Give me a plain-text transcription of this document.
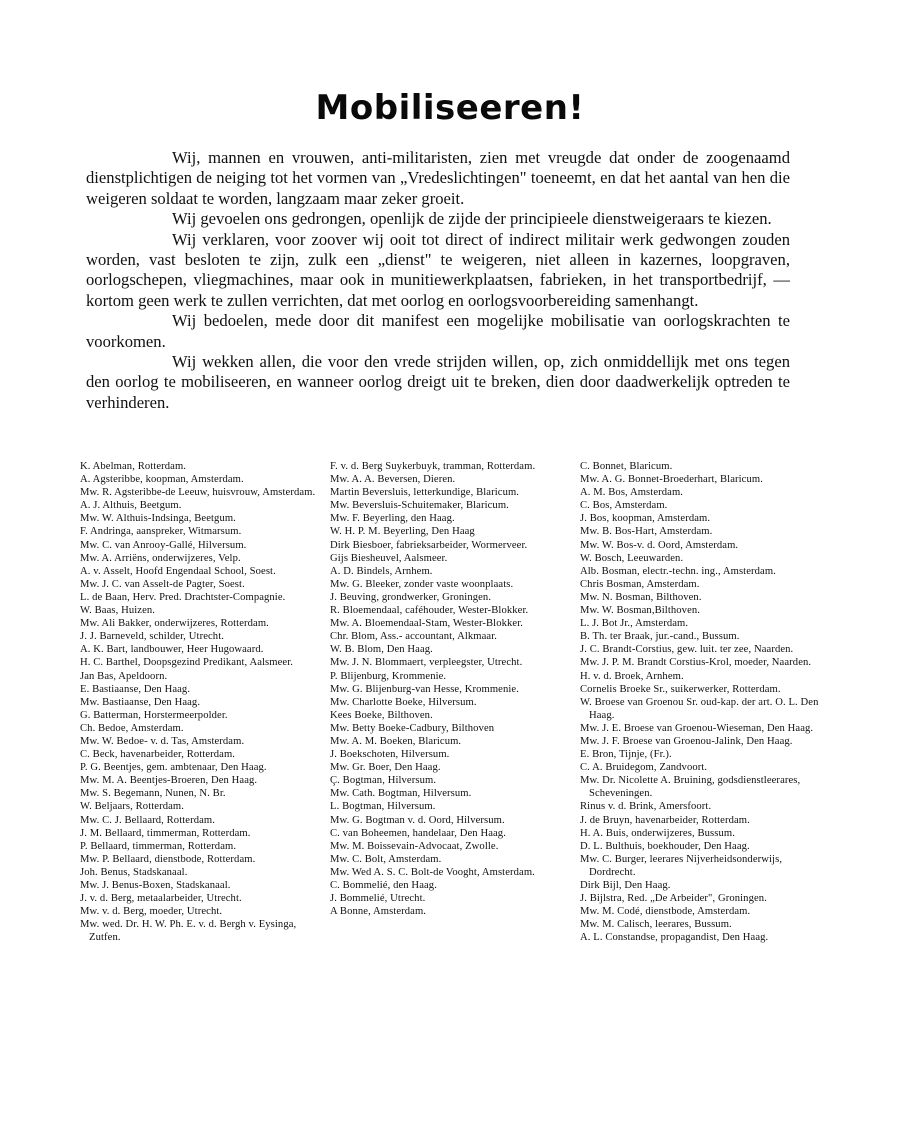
Mobiliseeren!

Wij, mannen en vrouwen, anti-militaristen, zien met vreugde dat onder de zoogenaamd dienstplichtigen de neiging tot het vormen van „Vredeslichtingen" toeneemt, en dat het aantal van hen die weigeren soldaat te worden, langzaam maar zeker groeit.

Wij gevoelen ons gedrongen, openlijk de zijde der principieele dienstweigeraars te kiezen.

Wij verklaren, voor zoover wij ooit tot direct of indirect militair werk gedwongen zouden worden, vast besloten te zijn, zulk een „dienst" te weigeren, niet alleen in kazernes, loopgraven, oorlogschepen, vliegmachines, maar ook in munitiewerkplaatsen, fabrieken, in het transportbedrijf, — kortom geen werk te zullen verrichten, dat met oorlog en oorlogsvoorbereiding samenhangt.

Wij bedoelen, mede door dit manifest een mogelijke mobilisatie van oorlogskrachten te voorkomen.

Wij wekken allen, die voor den vrede strijden willen, op, zich onmiddellijk met ons tegen den oorlog te mobiliseeren, en wanneer oorlog dreigt uit te breken, dien door daadwerkelijk optreden te verhinderen.

K. Abelman, Rotterdam.
A. Agsteribbe, koopman, Amsterdam.
Mw. R. Agsteribbe-de Leeuw, huisvrouw, Amsterdam.
A. J. Althuis, Beetgum.
Mw. W. Althuis-Indsinga, Beetgum.
F. Andringa, aanspreker, Witmarsum.
Mw. C. van Anrooy-Gallé, Hilversum.
Mw. A. Arriëns, onderwijzeres, Velp.
A. v. Asselt, Hoofd Engendaal School, Soest.
Mw. J. C. van Asselt-de Pagter, Soest.
L. de Baan, Herv. Pred. Drachtster-Compagnie.
W. Baas, Huizen.
Mw. Ali Bakker, onderwijzeres, Rotterdam.
J. J. Barneveld, schilder, Utrecht.
A. K. Bart, landbouwer, Heer Hugowaard.
H. C. Barthel, Doopsgezind Predikant, Aalsmeer.
Jan Bas, Apeldoorn.
E. Bastiaanse, Den Haag.
Mw. Bastiaanse, Den Haag.
G. Batterman, Horstermeerpolder.
Ch. Bedoe, Amsterdam.
Mw. W. Bedoe- v. d. Tas, Amsterdam.
C. Beck, havenarbeider, Rotterdam.
P. G. Beentjes, gem. ambtenaar, Den Haag.
Mw. M. A. Beentjes-Broeren, Den Haag.
Mw. S. Begemann, Nunen, N. Br.
W. Beljaars, Rotterdam.
Mw. C. J. Bellaard, Rotterdam.
J. M. Bellaard, timmerman, Rotterdam.
P. Bellaard, timmerman, Rotterdam.
Mw. P. Bellaard, dienstbode, Rotterdam.
Joh. Benus, Stadskanaal.
Mw. J. Benus-Boxen, Stadskanaal.
J. v. d. Berg, metaalarbeider, Utrecht.
Mw. v. d. Berg, moeder, Utrecht.
Mw. wed. Dr. H. W. Ph. E. v. d. Bergh v. Eysinga, Zutfen.
F. v. d. Berg Suykerbuyk, tramman, Rotterdam.
Mw. A. A. Beversen, Dieren.
Martin Beversluis, letterkundige, Blaricum.
Mw. Beversluis-Schuitemaker, Blaricum.
Mw. F. Beyerling, den Haag.
W. H. P. M. Beyerling, Den Haag
Dirk Biesboer, fabrieksarbeider, Wormerveer.
Gijs Biesheuvel, Aalsmeer.
A. D. Bindels, Arnhem.
Mw. G. Bleeker, zonder vaste woonplaats.
J. Beuving, grondwerker, Groningen.
R. Bloemendaal, caféhouder, Wester-Blokker.
Mw. A. Bloemendaal-Stam, Wester-Blokker.
Chr. Blom, Ass.- accountant, Alkmaar.
W. B. Blom, Den Haag.
Mw. J. N. Blommaert, verpleegster, Utrecht.
P. Blijenburg, Krommenie.
Mw. G. Blijenburg-van Hesse, Krommenie.
Mw. Charlotte Boeke, Hilversum.
Kees Boeke, Bilthoven.
Mw. Betty Boeke-Cadbury, Bilthoven
Mw. A. M. Boeken, Blaricum.
J. Boekschoten, Hilversum.
Mw. Gr. Boer, Den Haag.
Ç. Bogtman, Hilversum.
Mw. Cath. Bogtman, Hilversum.
L. Bogtman, Hilversum.
Mw. G. Bogtman v. d. Oord, Hilversum.
C. van Boheemen, handelaar, Den Haag.
Mw. M. Boissevain-Advocaat, Zwolle.
Mw. C. Bolt, Amsterdam.
Mw. Wed A. S. C. Bolt-de Vooght, Amsterdam.
C. Bommelié, den Haag.
J. Bommelié, Utrecht.
A Bonne, Amsterdam.
C. Bonnet, Blaricum.
Mw. A. G. Bonnet-Broederhart, Blaricum.
A. M. Bos, Amsterdam.
C. Bos, Amsterdam.
J. Bos, koopman, Amsterdam.
Mw. B. Bos-Hart, Amsterdam.
Mw. W. Bos-v. d. Oord, Amsterdam.
W. Bosch, Leeuwarden.
Alb. Bosman, electr.-techn. ing., Amsterdam.
Chris Bosman, Amsterdam.
Mw. N. Bosman, Bilthoven.
Mw. W. Bosman,Bilthoven.
L. J. Bot Jr., Amsterdam.
B. Th. ter Braak, jur.-cand., Bussum.
J. C. Brandt-Corstius, gew. luit. ter zee, Naarden.
Mw. J. P. M. Brandt Corstius-Krol, moeder, Naarden.
H. v. d. Broek, Arnhem.
Cornelis Broeke Sr., suikerwerker, Rotterdam.
W. Broese van Groenou Sr. oud-kap. der art. O. L. Den Haag.
Mw. J. E. Broese van Groenou-Wieseman, Den Haag.
Mw. J. F. Broese van Groenou-Jalink, Den Haag.
E. Bron, Tijnje, (Fr.).
C. A. Bruidegom, Zandvoort.
Mw. Dr. Nicolette A. Bruining, godsdienstleerares, Scheveningen.
Rinus v. d. Brink, Amersfoort.
J. de Bruyn, havenarbeider, Rotterdam.
H. A. Buis, onderwijzeres, Bussum.
D. L. Bulthuis, boekhouder, Den Haag.
Mw. C. Burger, leerares Nijverheidsonderwijs, Dordrecht.
Dirk Bijl, Den Haag.
J. Bijlstra, Red. „De Arbeider", Groningen.
Mw. M. Codé, dienstbode, Amsterdam.
Mw. M. Calisch, leerares, Bussum.
A. L. Constandse, propagandist, Den Haag.
